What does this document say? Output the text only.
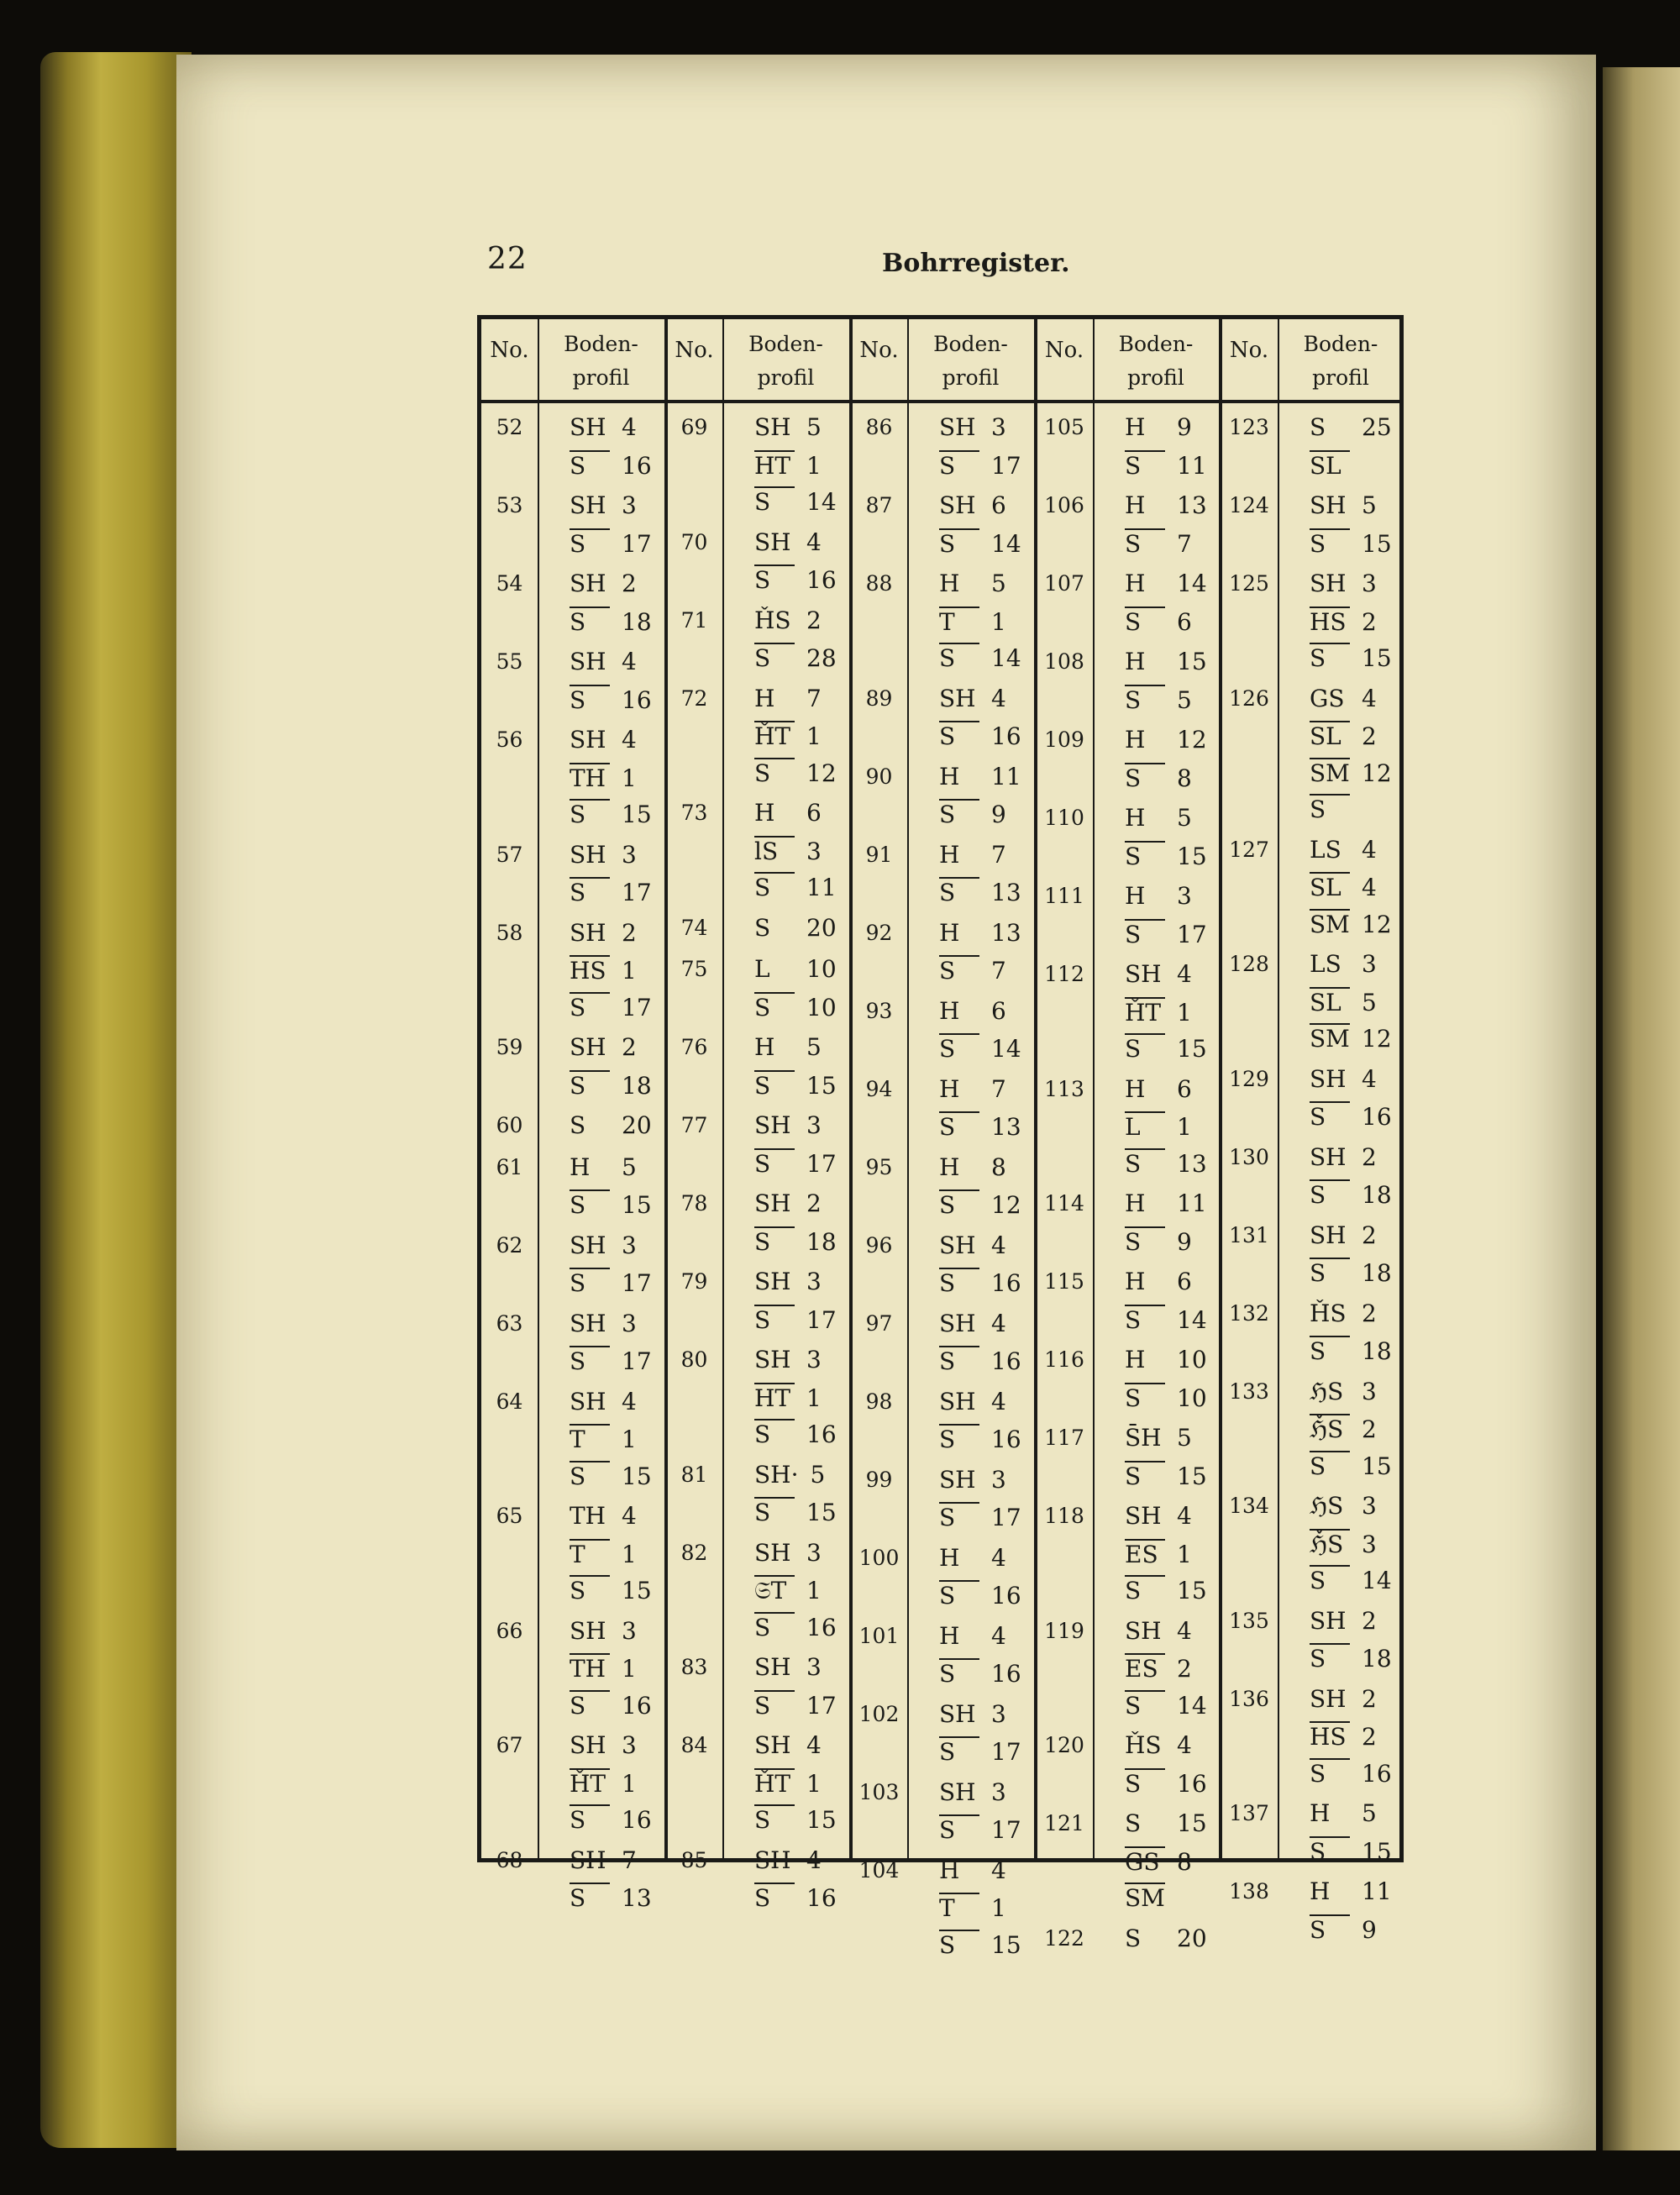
22	Bohrregister.
No.	Boden-
profil
52	SH 4
S 16
53	SH 3
S 17
54	SH 2
S 18
55	SH 4
S 16
56	SH 4
TH 1
S 15
57	SH 3
S 17
58	SH 2
HS 1
S 17
59	SH 2
S 18
60	S 20
61	H 5
S 15
62	SH 3
S 17
63	SH 3
S 17
64	SH 4
T 1
S 15
65	TH 4
T 1
S 15
66	SH 3
TH 1
S 16
67	SH 3
ȞT 1
S 16
68	SH 7
S 13
No.	Boden-
profil
69	SH 5
HT 1
S 14
70	SH 4
S 16
71	ȞS 2
S 28
72	H 7
ȞT 1
S 12
73	H 6
lS 3
S 11
74	S 20
75	L 10
S 10
76	H 5
S 15
77	SH 3
S 17
78	SH 2
S 18
79	SH 3
S 17
80	SH 3
HT 1
S 16
81	SH· 5
S 15
82	SH 3
𝔖T 1
S 16
83	SH 3
S 17
84	SH 4
ȞT 1
S 15
85	SH 4
S 16
No.	Boden-
profil
86	SH 3
S 17
87	SH 6
S 14
88	H 5
T 1
S 14
89	SH 4
S 16
90	H 11
S 9
91	H 7
S 13
92	H 13
S 7
93	H 6
S 14
94	H 7
S 13
95	H 8
S 12
96	SH 4
S 16
97	SH 4
S 16
98	SH 4
S 16
99	SH 3
S 17
100	H 4
S 16
101	H 4
S 16
102	SH 3
S 17
103	SH 3
S 17
104	H 4
T 1
S 15
No.	Boden-
profil
105	H 9
S 11
106	H 13
S 7
107	H 14
S 6
108	H 15
S 5
109	H 12
S 8
110	H 5
S 15
111	H 3
S 17
112	SH 4
ȞT 1
S 15
113	H 6
L 1
S 13
114	H 11
S 9
115	H 6
S 14
116	H 10
S 10
117	S̄H 5
S 15
118	SH 4
ES 1
S 15
119	SH 4
ES 2
S 14
120	ȞS 4
S 16
121	S 15
GS 8
SM
122	S 20
No.	Boden-
profil
123	S 25
SL
124	SH 5
S 15
125	SH 3
HS 2
S 15
126	GS 4
SL 2
SM 12
S
127	LS 4
SL 4
SM 12
128	LS 3
SL 5
SM 12
129	SH 4
S 16
130	SH 2
S 18
131	SH 2
S 18
132	ȞS 2
S 18
133	ℌS 3
ℌ̌S 2
S 15
134	ℌS 3
ℌ̌S 3
S 14
135	SH 2
S 18
136	SH 2
HS 2
S 16
137	H 5
S 15
138	H 11
S 9
